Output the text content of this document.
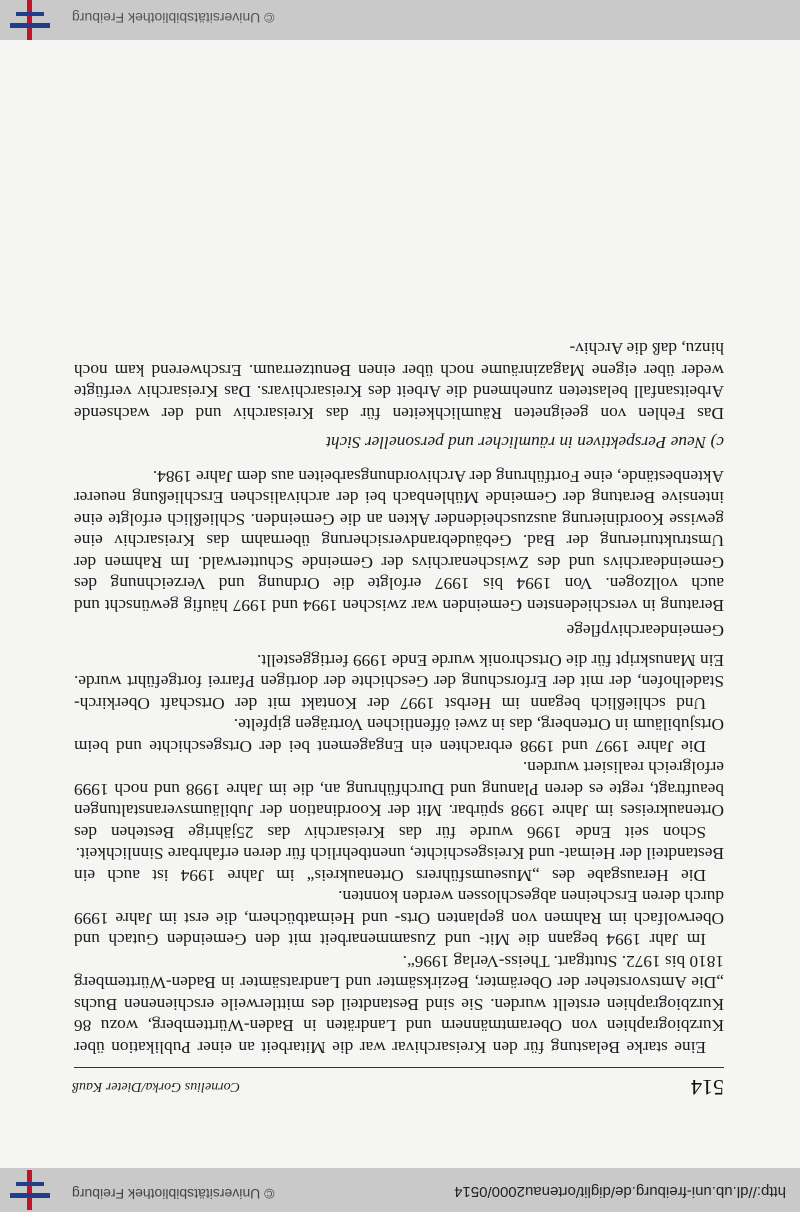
http://dl.ub.uni-freiburg.de/diglit/ortenau2000/0514
© Universitätsbibliothek Freiburg
514
Cornelius Gorka/Dieter Kauß

Eine starke Belastung für den Kreisarchivar war die Mitarbeit an einer Publikation über Kurzbiographien von Oberamtmännern und Landräten in Baden-Württemberg, wozu 86 Kurzbiographien erstellt wurden. Sie sind Bestandteil des mittlerweile erschienenen Buchs „Die Amtsvorsteher der Oberämter, Bezirksämter und Landratsämter in Baden-Württemberg 1810 bis 1972. Stuttgart. Theiss-Verlag 1996“.

Im Jahr 1994 begann die Mit- und Zusammenarbeit mit den Gemeinden Gutach und Oberwolfach im Rahmen von geplanten Orts- und Heimatbüchern, die erst im Jahre 1999 durch deren Erscheinen abgeschlossen werden konnten.

Die Herausgabe des „Museumsführers Ortenaukreis“ im Jahre 1994 ist auch ein Bestandteil der Heimat- und Kreisgeschichte, unentbehrlich für deren erfahrbare Sinnlichkeit.

Schon seit Ende 1996 wurde für das Kreisarchiv das 25jährige Bestehen des Ortenaukreises im Jahre 1998 spürbar. Mit der Koordination der Jubiläumsveranstaltungen beauftragt, regte es deren Planung und Durchführung an, die im Jahre 1998 und noch 1999 erfolgreich realisiert wurden.

Die Jahre 1997 und 1998 erbrachten ein Engagement bei der Ortsgeschichte und beim Ortsjubiläum in Ortenberg, das in zwei öffentlichen Vorträgen gipfelte.

Und schließlich begann im Herbst 1997 der Kontakt mit der Ortschaft Oberkirch-Stadelhofen, der mit der Erforschung der Geschichte der dortigen Pfarrei fortgeführt wurde. Ein Manuskript für die Ortschronik wurde Ende 1999 fertiggestellt.

Gemeindearchivpflege

Beratung in verschiedensten Gemeinden war zwischen 1994 und 1997 häufig gewünscht und auch vollzogen. Von 1994 bis 1997 erfolgte die Ordnung und Verzeichnung des Gemeindearchivs und des Zwischenarchivs der Gemeinde Schutterwald. Im Rahmen der Umstrukturierung der Bad. Gebäudebrandversicherung übernahm das Kreisarchiv eine gewisse Koordinierung auszuscheidender Akten an die Gemeinden. Schließlich erfolgte eine intensive Beratung der Gemeinde Mühlenbach bei der archivalischen Erschließung neuerer Aktenbestände, eine Fortführung der Archivordnungsarbeiten aus dem Jahre 1984.

c) Neue Perspektiven in räumlicher und personeller Sicht

Das Fehlen von geeigneten Räumlichkeiten für das Kreisarchiv und der wachsende Arbeitsanfall belasteten zunehmend die Arbeit des Kreisarchivars. Das Kreisarchiv verfügte weder über eigene Magazinräume noch über einen Benutzerraum. Erschwerend kam noch hinzu, daß die Archiv-

© Universitätsbibliothek Freiburg
